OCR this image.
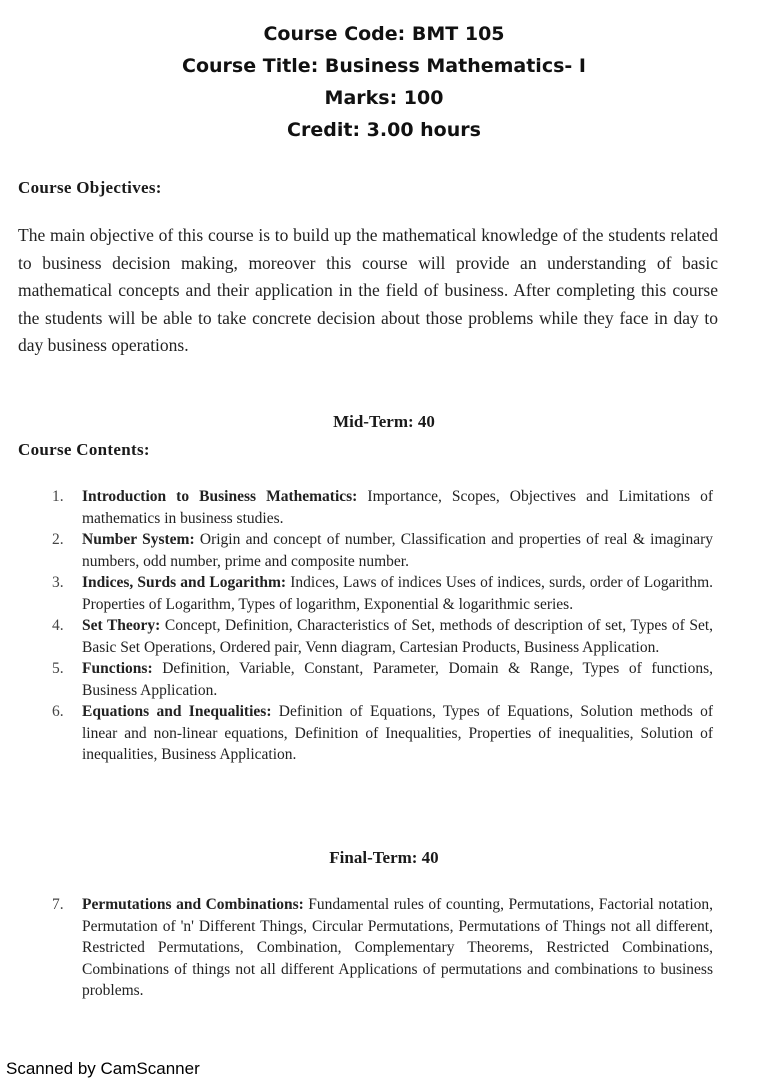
Course Code: BMT 105
Course Title: Business Mathematics- I
Marks: 100
Credit: 3.00 hours
Course Objectives:
The main objective of this course is to build up the mathematical knowledge of the students related to business decision making, moreover this course will provide an understanding of basic mathematical concepts and their application in the field of business. After completing this course the students will be able to take concrete decision about those problems while they face in day to day business operations.
Mid-Term: 40
Course Contents:
1. Introduction to Business Mathematics: Importance, Scopes, Objectives and Limitations of mathematics in business studies.
2. Number System: Origin and concept of number, Classification and properties of real & imaginary numbers, odd number, prime and composite number.
3. Indices, Surds and Logarithm: Indices, Laws of indices Uses of indices, surds, order of Logarithm. Properties of Logarithm, Types of logarithm, Exponential & logarithmic series.
4. Set Theory: Concept, Definition, Characteristics of Set, methods of description of set, Types of Set, Basic Set Operations, Ordered pair, Venn diagram, Cartesian Products, Business Application.
5. Functions: Definition, Variable, Constant, Parameter, Domain & Range, Types of functions, Business Application.
6. Equations and Inequalities: Definition of Equations, Types of Equations, Solution methods of linear and non-linear equations, Definition of Inequalities, Properties of inequalities, Solution of inequalities, Business Application.
Final-Term: 40
7. Permutations and Combinations: Fundamental rules of counting, Permutations, Factorial notation, Permutation of 'n' Different Things, Circular Permutations, Permutations of Things not all different, Restricted Permutations, Combination, Complementary Theorems, Restricted Combinations, Combinations of things not all different Applications of permutations and combinations to business problems.
Scanned by CamScanner
